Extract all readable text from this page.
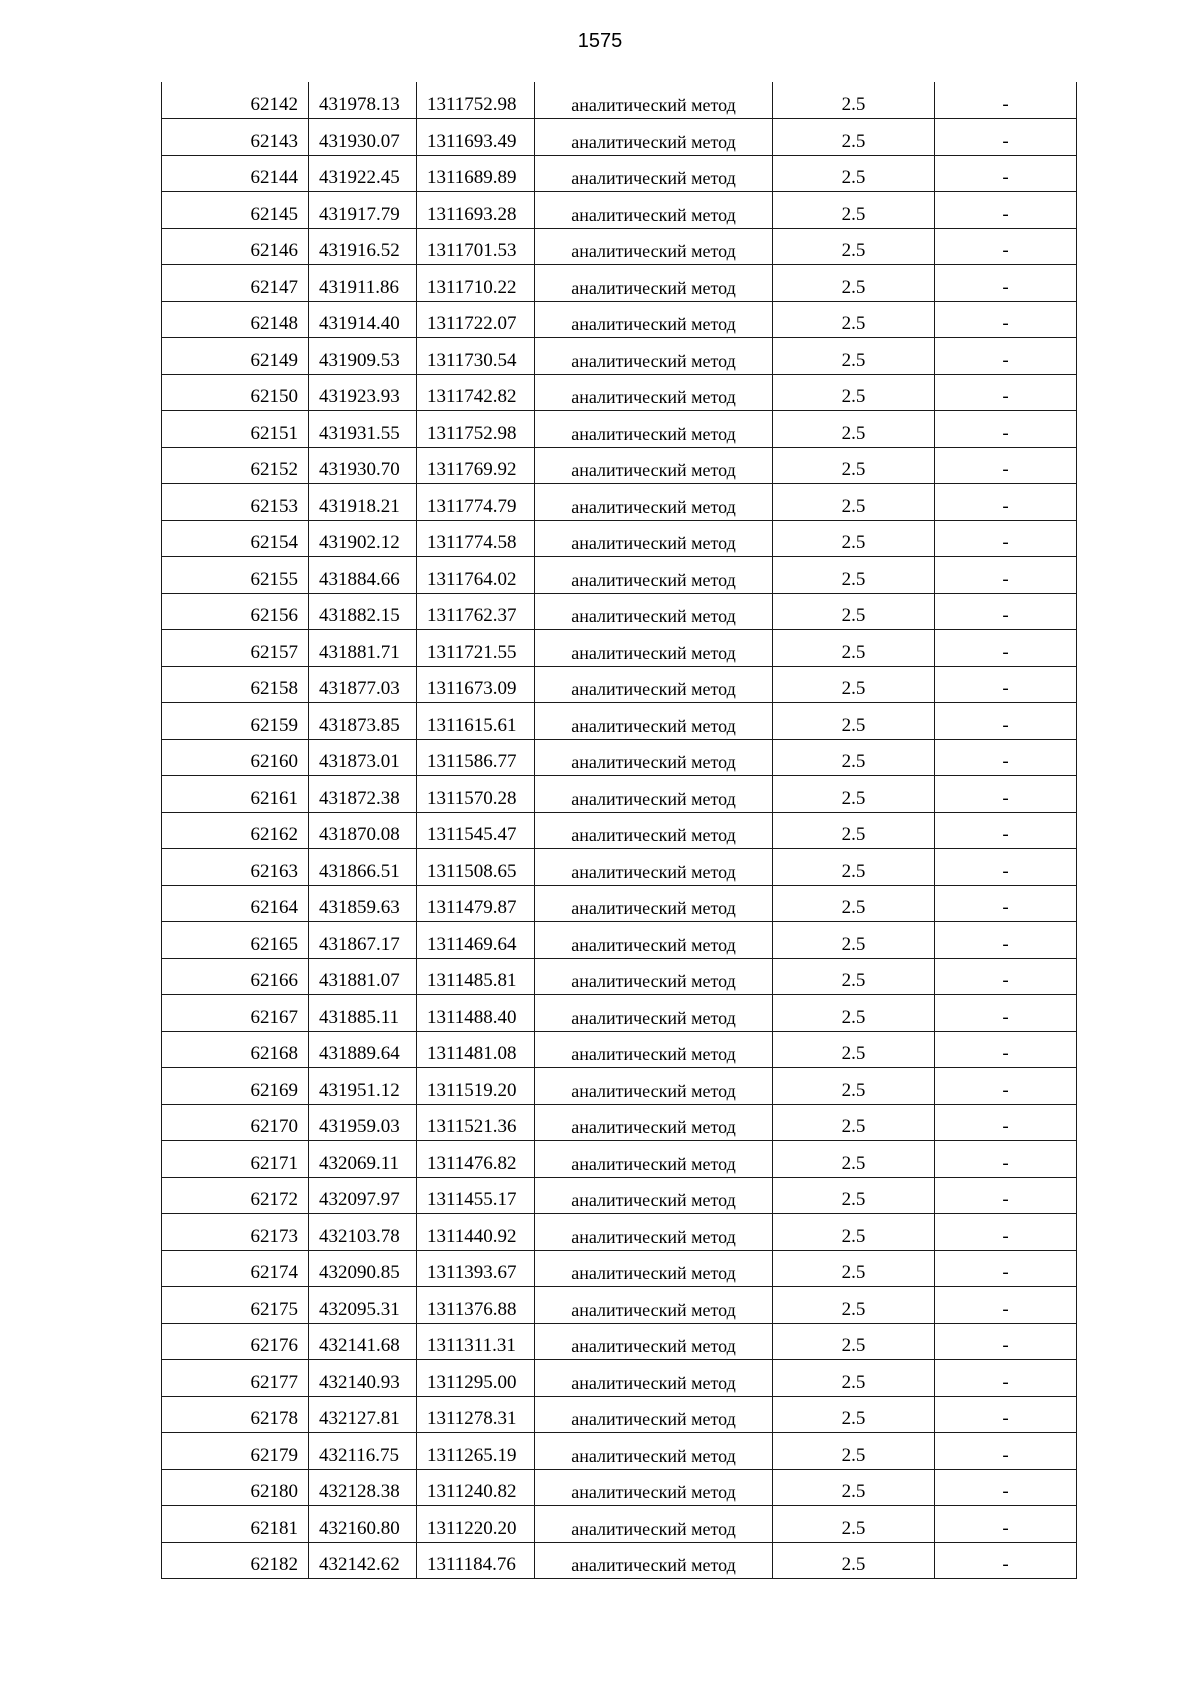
1575
62142	431978.13	1311752.98	аналитический метод	2.5	-
62143	431930.07	1311693.49	аналитический метод	2.5	-
62144	431922.45	1311689.89	аналитический метод	2.5	-
62145	431917.79	1311693.28	аналитический метод	2.5	-
62146	431916.52	1311701.53	аналитический метод	2.5	-
62147	431911.86	1311710.22	аналитический метод	2.5	-
62148	431914.40	1311722.07	аналитический метод	2.5	-
62149	431909.53	1311730.54	аналитический метод	2.5	-
62150	431923.93	1311742.82	аналитический метод	2.5	-
62151	431931.55	1311752.98	аналитический метод	2.5	-
62152	431930.70	1311769.92	аналитический метод	2.5	-
62153	431918.21	1311774.79	аналитический метод	2.5	-
62154	431902.12	1311774.58	аналитический метод	2.5	-
62155	431884.66	1311764.02	аналитический метод	2.5	-
62156	431882.15	1311762.37	аналитический метод	2.5	-
62157	431881.71	1311721.55	аналитический метод	2.5	-
62158	431877.03	1311673.09	аналитический метод	2.5	-
62159	431873.85	1311615.61	аналитический метод	2.5	-
62160	431873.01	1311586.77	аналитический метод	2.5	-
62161	431872.38	1311570.28	аналитический метод	2.5	-
62162	431870.08	1311545.47	аналитический метод	2.5	-
62163	431866.51	1311508.65	аналитический метод	2.5	-
62164	431859.63	1311479.87	аналитический метод	2.5	-
62165	431867.17	1311469.64	аналитический метод	2.5	-
62166	431881.07	1311485.81	аналитический метод	2.5	-
62167	431885.11	1311488.40	аналитический метод	2.5	-
62168	431889.64	1311481.08	аналитический метод	2.5	-
62169	431951.12	1311519.20	аналитический метод	2.5	-
62170	431959.03	1311521.36	аналитический метод	2.5	-
62171	432069.11	1311476.82	аналитический метод	2.5	-
62172	432097.97	1311455.17	аналитический метод	2.5	-
62173	432103.78	1311440.92	аналитический метод	2.5	-
62174	432090.85	1311393.67	аналитический метод	2.5	-
62175	432095.31	1311376.88	аналитический метод	2.5	-
62176	432141.68	1311311.31	аналитический метод	2.5	-
62177	432140.93	1311295.00	аналитический метод	2.5	-
62178	432127.81	1311278.31	аналитический метод	2.5	-
62179	432116.75	1311265.19	аналитический метод	2.5	-
62180	432128.38	1311240.82	аналитический метод	2.5	-
62181	432160.80	1311220.20	аналитический метод	2.5	-
62182	432142.62	1311184.76	аналитический метод	2.5	-
